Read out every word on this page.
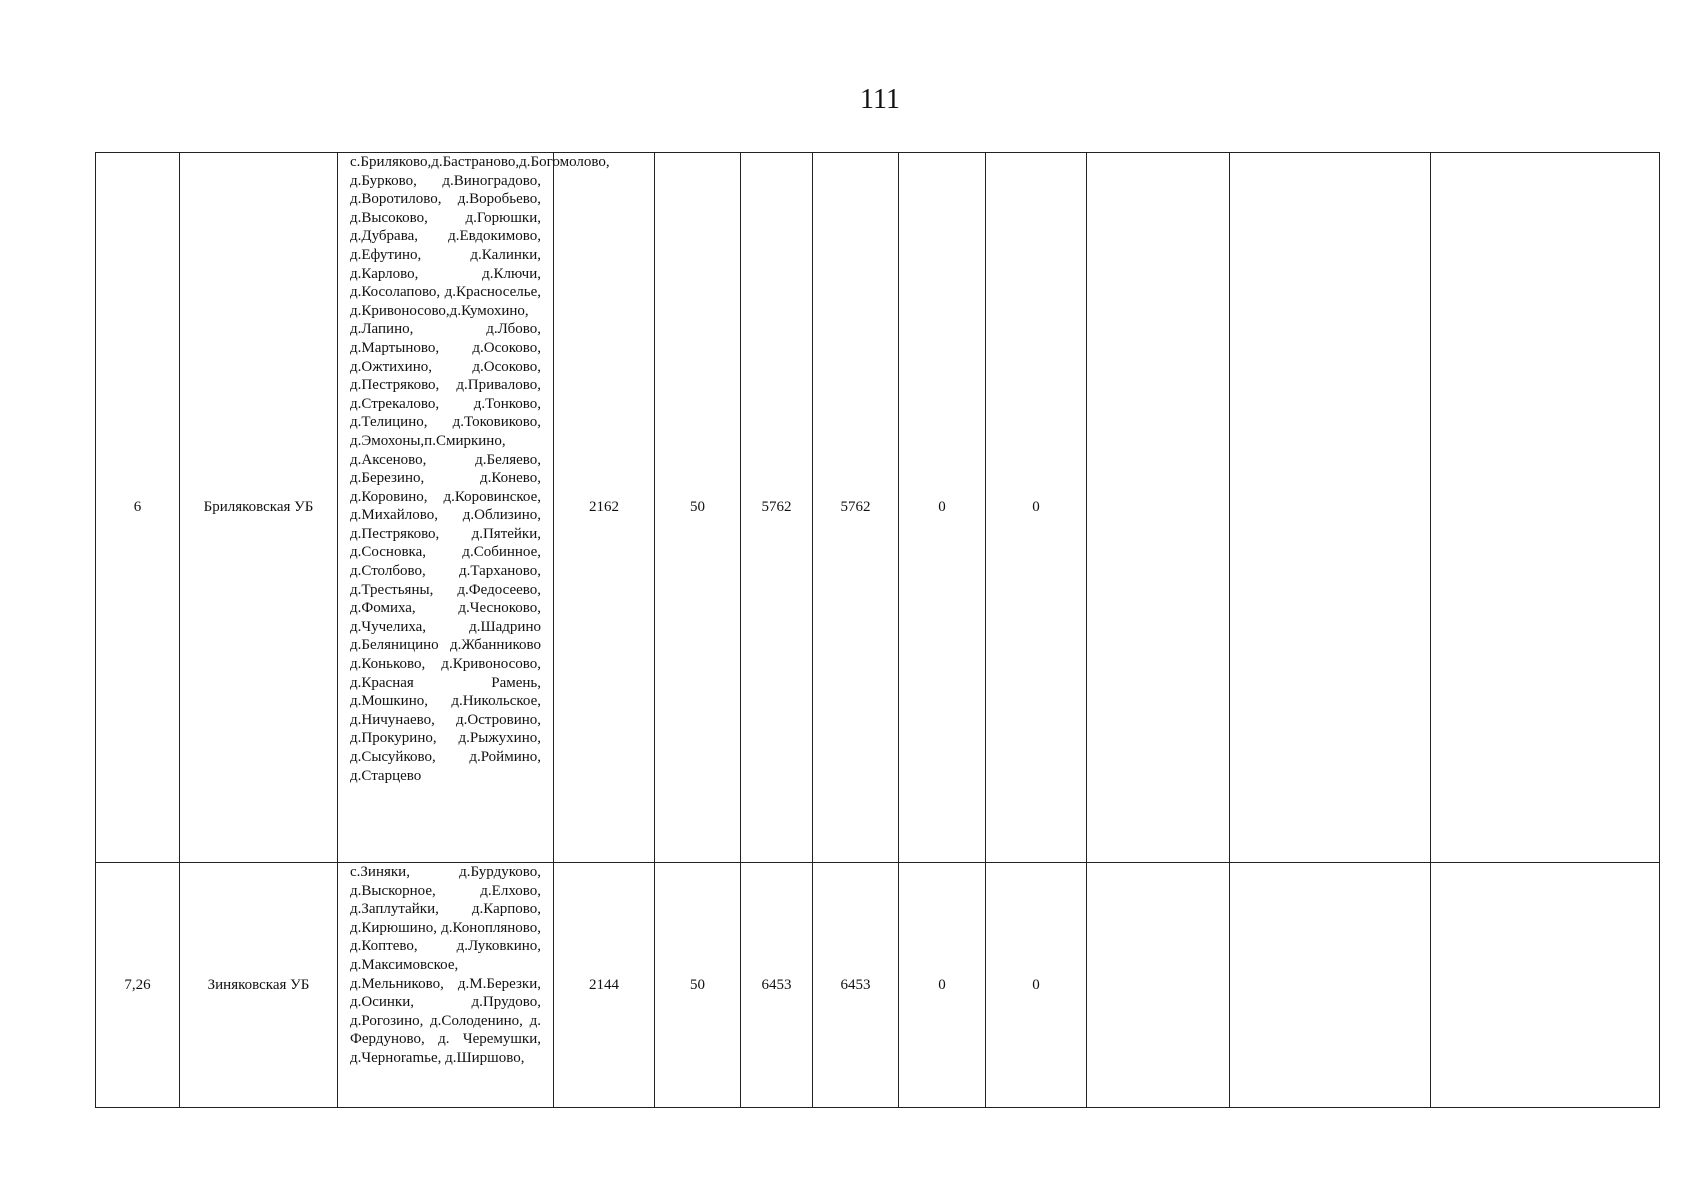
111
6	Бриляковская УБ	с.Бриляково,д.Бастраново,д.Богомолово, д.Бурково, д.Виноградово, д.Воротилово, д.Воробьево, д.Высоково, д.Горюшки, д.Дубрава, д.Евдокимово, д.Ефутино, д.Калинки, д.Карлово, д.Ключи, д.Косолапово, д.Красноселье, д.Кривоносово,д.Кумохино, д.Лапино, д.Лбово, д.Мартыново, д.Осоково, д.Ожтихино, д.Осоково, д.Пестряково, д.Привалово, д.Стрекалово, д.Тонково, д.Телицино, д.Токовиково, д.Эмохоны,п.Смиркино, д.Аксеново, д.Беляево, д.Березино, д.Конево, д.Коровино, д.Коровинское, д.Михайлово, д.Облизино, д.Пестряково, д.Пятейки, д.Сосновка, д.Собинное, д.Столбово, д.Тарханово, д.Трестьяны, д.Федосеево, д.Фомиха, д.Чесноково, д.Чучелиха, д.Шадрино д.Беляницино д.Жбанниково д.Коньково, д.Кривоносово, д.Красная Рамень, д.Мошкино, д.Никольское, д.Ничунаево, д.Островино, д.Прокурино, д.Рыжухино, д.Сысуйково, д.Роймино, д.Старцево	2162	50	5762	5762	0	0			
7,26	Зиняковская УБ	с.Зиняки, д.Бурдуково, д.Выскорное, д.Елхово, д.Заплутайки, д.Карпово, д.Кирюшино, д.Конопляново, д.Коптево, д.Луковкино, д.Максимовское, д.Мельниково, д.М.Березки, д.Осинки, д.Прудово, д.Рогозино, д.Солоденино, д. Фердуново, д. Черемушки, д.Черноramье, д.Ширшово,	2144	50	6453	6453	0	0			
